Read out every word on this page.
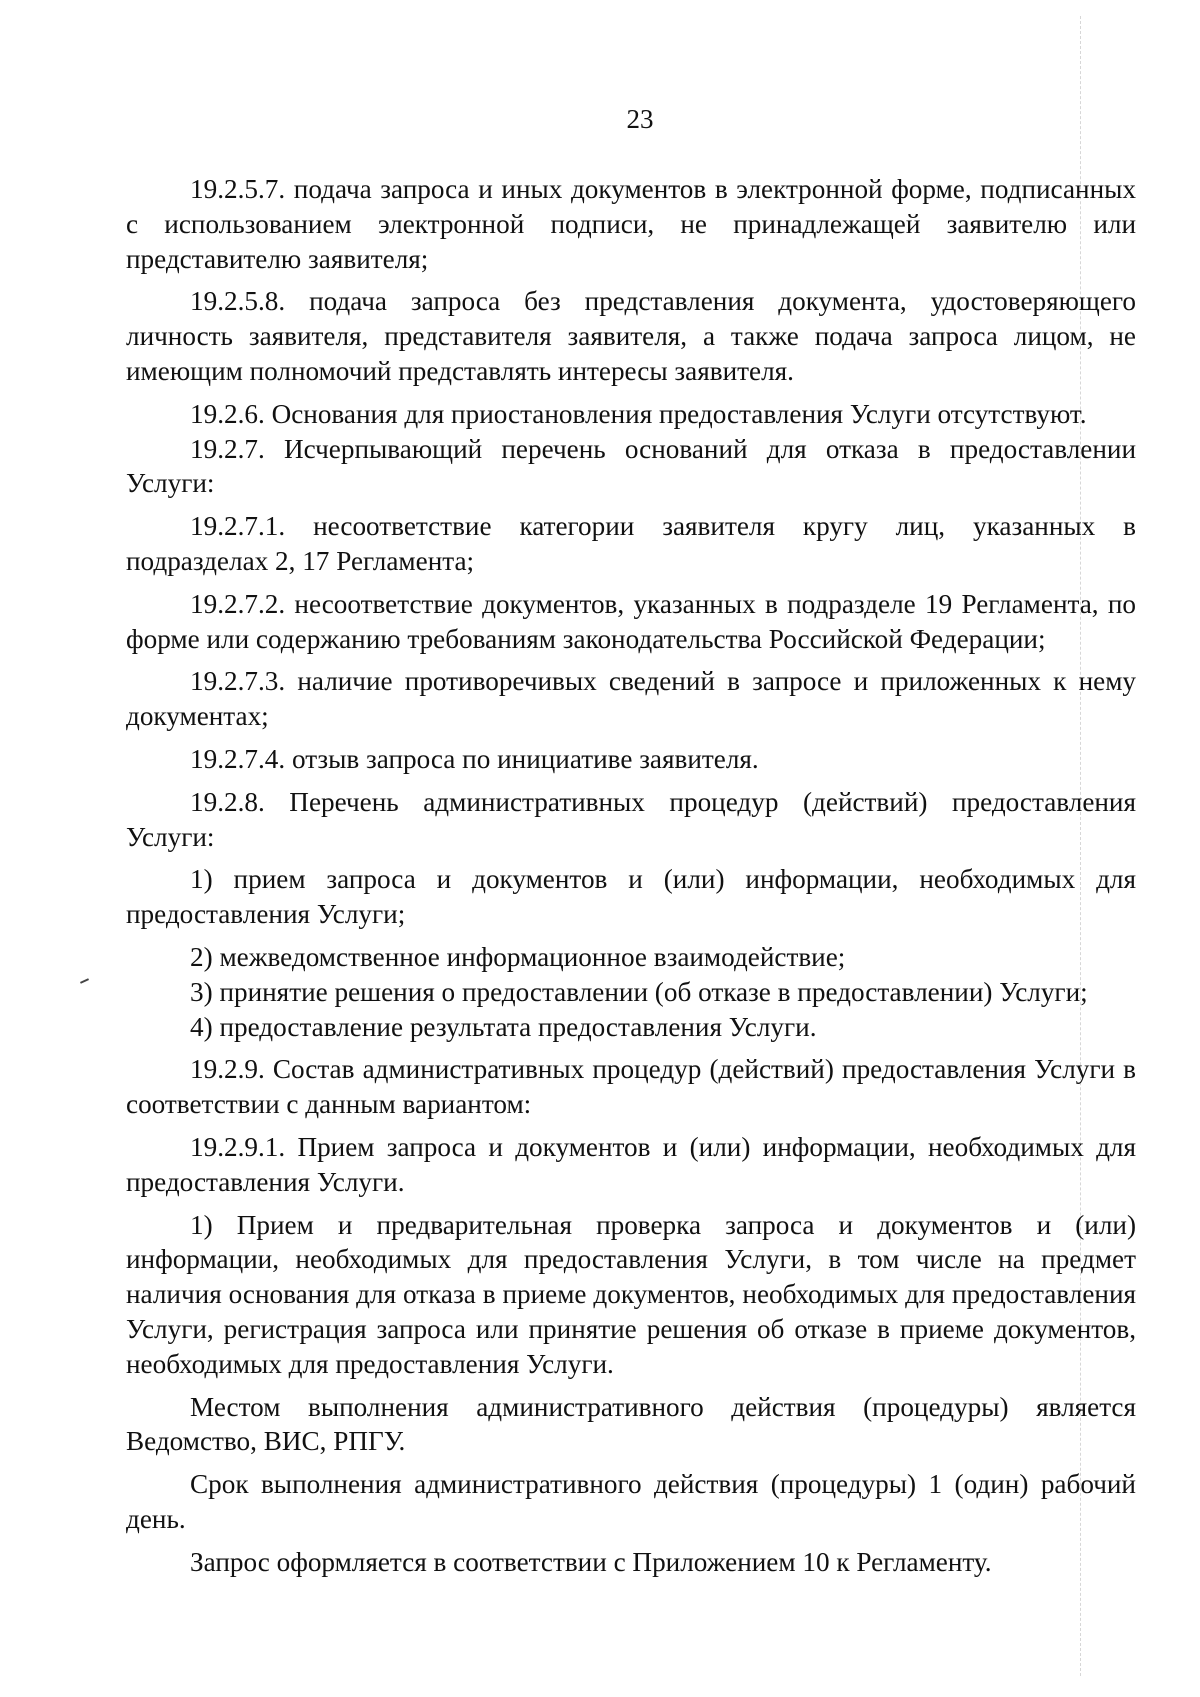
23

19.2.5.7. подача запроса и иных документов в электронной форме, подписанных с использованием электронной подписи, не принадлежащей заявителю или представителю заявителя;

19.2.5.8. подача запроса без представления документа, удостоверяющего личность заявителя, представителя заявителя, а также подача запроса лицом, не имеющим полномочий представлять интересы заявителя.

19.2.6. Основания для приостановления предоставления Услуги отсутствуют.

19.2.7. Исчерпывающий перечень оснований для отказа в предоставлении Услуги:

19.2.7.1. несоответствие категории заявителя кругу лиц, указанных в подразделах 2, 17 Регламента;

19.2.7.2. несоответствие документов, указанных в подразделе 19 Регламента, по форме или содержанию требованиям законодательства Российской Федерации;

19.2.7.3. наличие противоречивых сведений в запросе и приложенных к нему документах;

19.2.7.4. отзыв запроса по инициативе заявителя.

19.2.8. Перечень административных процедур (действий) предоставления Услуги:

1) прием запроса и документов и (или) информации, необходимых для предоставления Услуги;

2) межведомственное информационное взаимодействие;

3) принятие решения о предоставлении (об отказе в предоставлении) Услуги;

4) предоставление результата предоставления Услуги.

19.2.9. Состав административных процедур (действий) предоставления Услуги в соответствии с данным вариантом:

19.2.9.1. Прием запроса и документов и (или) информации, необходимых для предоставления Услуги.

1) Прием и предварительная проверка запроса и документов и (или) информации, необходимых для предоставления Услуги, в том числе на предмет наличия основания для отказа в приеме документов, необходимых для предоставления Услуги, регистрация запроса или принятие решения об отказе в приеме документов, необходимых для предоставления Услуги.

Местом выполнения административного действия (процедуры) является Ведомство, ВИС, РПГУ.

Срок выполнения административного действия (процедуры) 1 (один) рабочий день.

Запрос оформляется в соответствии с Приложением 10 к Регламенту.
